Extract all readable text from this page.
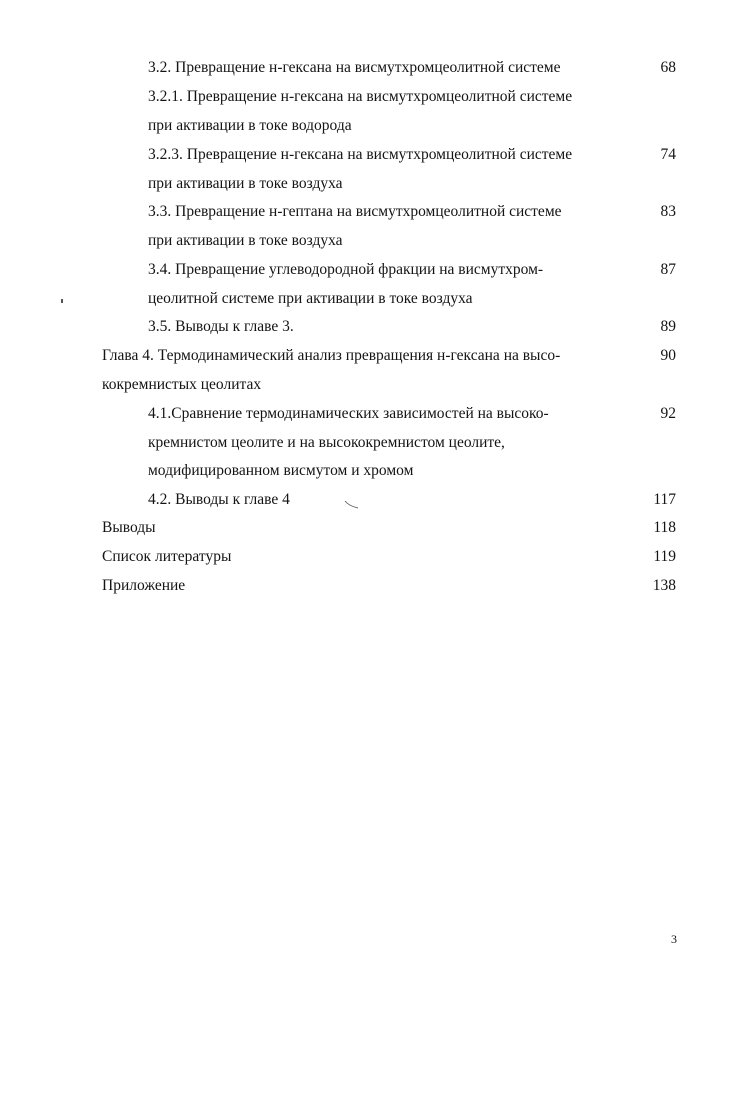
3.2. Превращение н-гексана на висмутхромцеолитной системе	68
3.2.1. Превращение н-гексана на висмутхромцеолитной системе
при активации в токе водорода
3.2.3. Превращение н-гексана на висмутхромцеолитной системе	74
при активации в токе воздуха
3.3. Превращение н-гептана на висмутхромцеолитной системе	83
при активации в токе воздуха
3.4. Превращение углеводородной фракции на висмутхром-	87
цеолитной системе при активации в токе воздуха
3.5. Выводы к главе 3.	89
Глава 4. Термодинамический анализ превращения н-гексана на высо-	90
кокремнистых цеолитах
4.1.Сравнение термодинамических зависимостей на высоко-	92
кремнистом цеолите и на высококремнистом цеолите,
модифицированном висмутом и хромом
4.2. Выводы к главе 4	117
Выводы	118
Список литературы	119
Приложение	138
3
